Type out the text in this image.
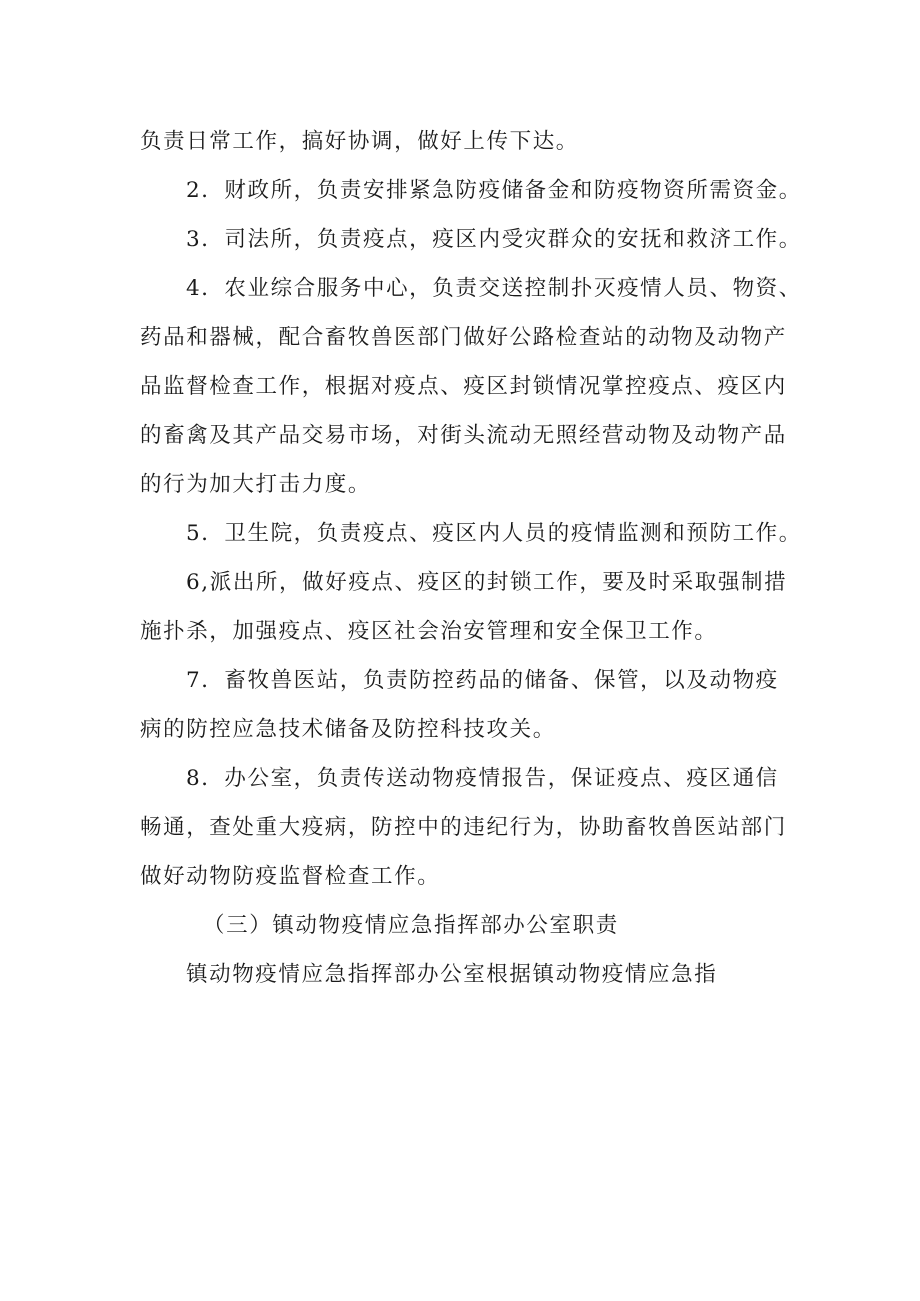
负责日常工作，搞好协调，做好上传下达。

2．财政所，负责安排紧急防疫储备金和防疫物资所需资金。

3．司法所，负责疫点，疫区内受灾群众的安抚和救济工作。

4．农业综合服务中心，负责交送控制扑灭疫情人员、物资、

药品和器械，配合畜牧兽医部门做好公路检查站的动物及动物产

品监督检查工作，根据对疫点、疫区封锁情况掌控疫点、疫区内

的畜禽及其产品交易市场，对街头流动无照经营动物及动物产品

的行为加大打击力度。

5．卫生院，负责疫点、疫区内人员的疫情监测和预防工作。

6,派出所，做好疫点、疫区的封锁工作，要及时采取强制措

施扑杀，加强疫点、疫区社会治安管理和安全保卫工作。

7．畜牧兽医站，负责防控药品的储备、保管，以及动物疫

病的防控应急技术储备及防控科技攻关。

8．办公室，负责传送动物疫情报告，保证疫点、疫区通信

畅通，查处重大疫病，防控中的违纪行为，协助畜牧兽医站部门

做好动物防疫监督检查工作。

（三）镇动物疫情应急指挥部办公室职责

镇动物疫情应急指挥部办公室根据镇动物疫情应急指
